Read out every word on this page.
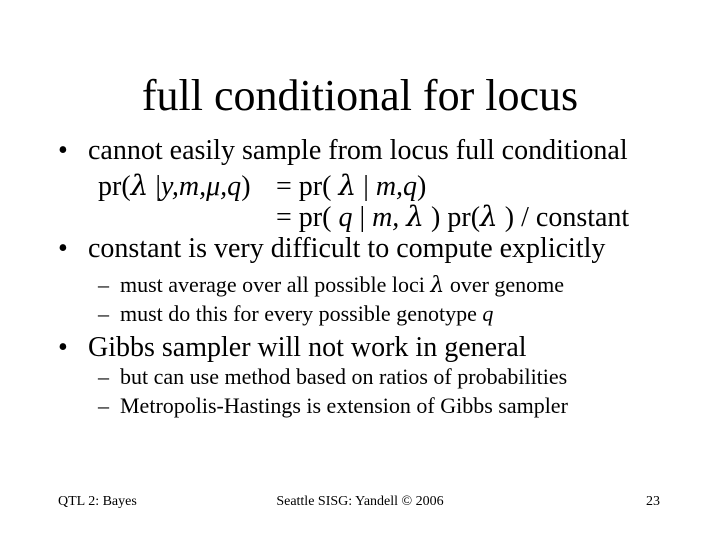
full conditional for locus
• cannot easily sample from locus full conditional
pr(λ |y,m,μ,q) = pr( λ | m,q)
= pr( q | m, λ ) pr(λ ) / constant
• constant is very difficult to compute explicitly
– must average over all possible loci λ over genome
– must do this for every possible genotype q
• Gibbs sampler will not work in general
– but can use method based on ratios of probabilities
– Metropolis-Hastings is extension of Gibbs sampler
QTL 2: Bayes	Seattle SISG: Yandell © 2006	23
